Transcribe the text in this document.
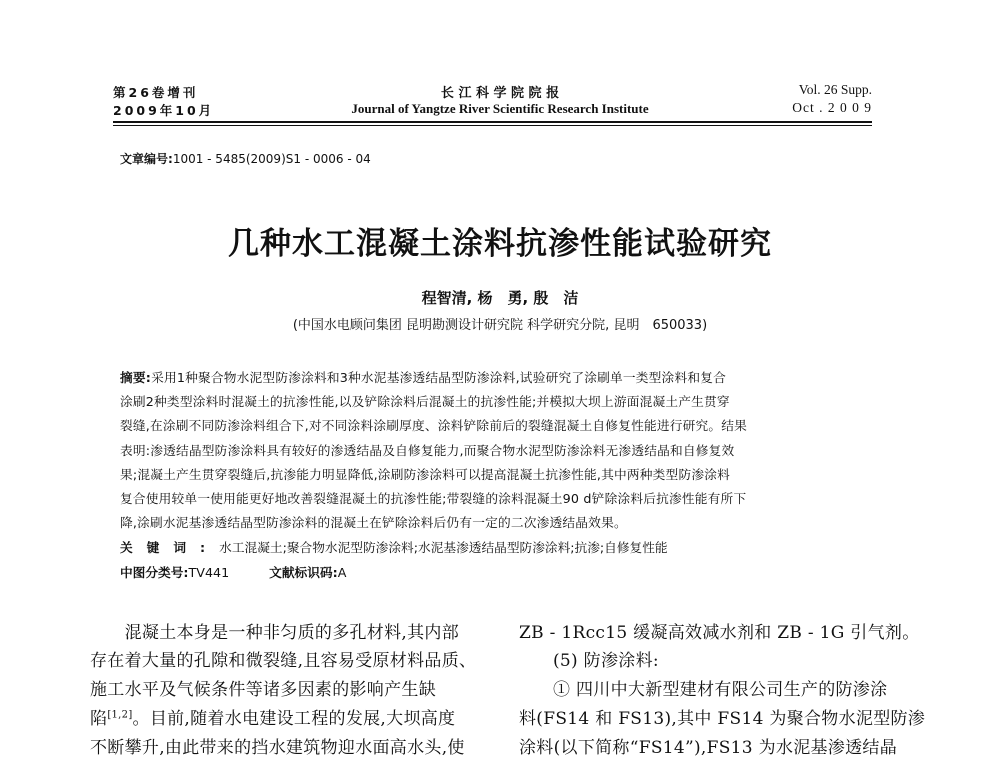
第26卷增刊
2009年10月
长 江 科 学 院 院 报
Journal of Yangtze River Scientific Research Institute
Vol. 26 Supp.
Oct . 2 0 0 9
文章编号:1001 - 5485(2009)S1 - 0006 - 04
几种水工混凝土涂料抗渗性能试验研究
程智清, 杨　勇, 殷　洁
(中国水电顾问集团 昆明勘测设计研究院 科学研究分院, 昆明　650033)
摘要:采用1种聚合物水泥型防渗涂料和3种水泥基渗透结晶型防渗涂料,试验研究了涂刷单一类型涂料和复合
涂刷2种类型涂料时混凝土的抗渗性能,以及铲除涂料后混凝土的抗渗性能;并模拟大坝上游面混凝土产生贯穿
裂缝,在涂刷不同防渗涂料组合下,对不同涂料涂刷厚度、涂料铲除前后的裂缝混凝土自修复性能进行研究。结果
表明:渗透结晶型防渗涂料具有较好的渗透结晶及自修复能力,而聚合物水泥型防渗涂料无渗透结晶和自修复效
果;混凝土产生贯穿裂缝后,抗渗能力明显降低,涂刷防渗涂料可以提高混凝土抗渗性能,其中两种类型防渗涂料
复合使用较单一使用能更好地改善裂缝混凝土的抗渗性能;带裂缝的涂料混凝土90 d铲除涂料后抗渗性能有所下
降,涂刷水泥基渗透结晶型防渗涂料的混凝土在铲除涂料后仍有一定的二次渗透结晶效果。
关键词:水工混凝土;聚合物水泥型防渗涂料;水泥基渗透结晶型防渗涂料;抗渗;自修复性能
中图分类号:TV441	文献标识码:A
　　混凝土本身是一种非匀质的多孔材料,其内部
存在着大量的孔隙和微裂缝,且容易受原材料品质、
施工水平及气候条件等诸多因素的影响产生缺
陷[1,2]。目前,随着水电建设工程的发展,大坝高度
不断攀升,由此带来的挡水建筑物迎水面高水头,使
ZB - 1Rcc15 缓凝高效减水剂和 ZB - 1G 引气剂。
(5) 防渗涂料:
① 四川中大新型建材有限公司生产的防渗涂
料(FS14 和 FS13),其中 FS14 为聚合物水泥型防渗
涂料(以下简称“FS14”),FS13 为水泥基渗透结晶
